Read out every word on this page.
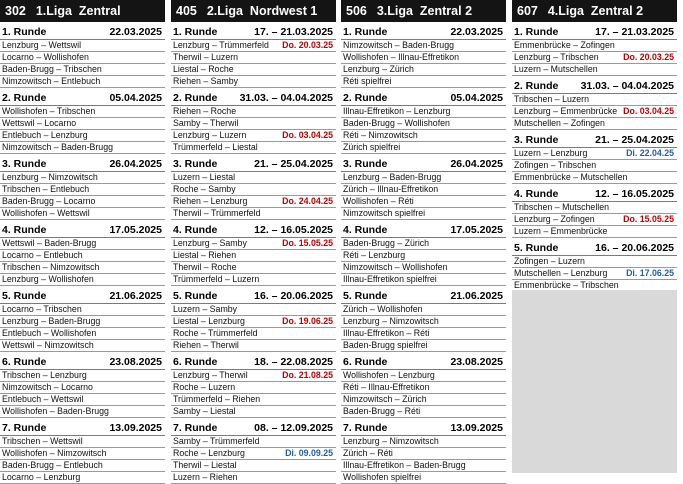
302 1.Liga  Zentral
1. Runde	22.03.2025
Lenzburg – Wettswil
Locarno – Wollishofen
Baden-Brugg – Tribschen
Nimzowitsch – Entlebuch
2. Runde	05.04.2025
Wollishofen – Tribschen
Wettswil – Locarno
Entlebuch – Lenzburg
Nimzowitsch – Baden-Brugg
3. Runde	26.04.2025
Lenzburg – Nimzowitsch
Tribschen – Entlebuch
Baden-Brugg – Locarno
Wollishofen – Wettswil
4. Runde	17.05.2025
Wettswil – Baden-Brugg
Locarno – Entlebuch
Tribschen – Nimzowitsch
Lenzburg – Wollishofen
5. Runde	21.06.2025
Locarno – Tribschen
Lenzburg – Baden-Brugg
Entlebuch – Wollishofen
Wettswil – Nimzowitsch
6. Runde	23.08.2025
Tribschen – Lenzburg
Nimzowitsch – Locarno
Entlebuch – Wettswil
Wollishofen – Baden-Brugg
7. Runde	13.09.2025
Tribschen – Wettswil
Wollishofen – Nimzowitsch
Baden-Brugg – Entlebuch
Locarno – Lenzburg
405 2.Liga  Nordwest 1
1. Runde	17. – 21.03.2025
Lenzburg – Trümmerfeld Do. 20.03.25
Therwil – Luzern
Liestal – Roche
Riehen – Samby
2. Runde 31.03. – 04.04.2025
Riehen – Roche
Samby – Therwil
Lenzburg – Luzern	Do. 03.04.25
Trümmerfeld – Liestal
3. Runde	21. – 25.04.2025
Luzern – Liestal
Roche – Samby
Riehen – Lenzburg	Do. 24.04.25
Therwil – Trümmerfeld
4. Runde	12. – 16.05.2025
Lenzburg – Samby	Do. 15.05.25
Liestal – Riehen
Therwil – Roche
Trümmerfeld – Luzern
5. Runde	16. – 20.06.2025
Luzern – Samby
Liestal – Lenzburg	Do. 19.06.25
Roche – Trümmerfeld
Riehen – Therwil
6. Runde	18. – 22.08.2025
Lenzburg – Therwil	Do. 21.08.25
Roche – Luzern
Trümmerfeld – Riehen
Samby – Liestal
7. Runde	08. – 12.09.2025
Samby – Trümmerfeld
Roche – Lenzburg	Di. 09.09.25
Therwil – Liestal
Luzern – Riehen
506 3.Liga  Zentral 2
1. Runde	22.03.2025
Nimzowitsch – Baden-Brugg
Wollishofen – Illnau-Effretikon
Lenzburg – Zürich
Réti spielfrei
2. Runde	05.04.2025
Illnau-Effretikon – Lenzburg
Baden-Brugg – Wollishofen
Réti – Nimzowitsch
Zürich spielfrei
3. Runde	26.04.2025
Lenzburg – Baden-Brugg
Zürich – Illnau-Effretikon
Wollishofen – Réti
Nimzowitsch spielfrei
4. Runde	17.05.2025
Baden-Brugg – Zürich
Réti – Lenzburg
Nimzowitsch – Wollishofen
Illnau-Effretikon spielfrei
5. Runde	21.06.2025
Zürich – Wollishofen
Lenzburg – Nimzowitsch
Illnau-Effretikon – Réti
Baden-Brugg spielfrei
6. Runde	23.08.2025
Wollishofen – Lenzburg
Réti – Illnau-Effretikon
Nimzowitsch – Zürich
Baden-Brugg – Réti
7. Runde	13.09.2025
Lenzburg – Nimzowitsch
Zürich – Réti
Illnau-Effretikon – Baden-Brugg
Wollishofen spielfrei
607 4.Liga  Zentral 2
1. Runde	17. – 21.03.2025
Emmenbrücke – Zofingen
Lenzburg – Tribschen	Do. 20.03.25
Luzern – Mutschellen
2. Runde 31.03. – 04.04.2025
Tribschen – Luzern
Lenzburg – Emmenbrücke Do. 03.04.25
Mutschellen – Zofingen
3. Runde	21. – 25.04.2025
Luzern – Lenzburg	Di. 22.04.25
Zofingen – Tribschen
Emmenbrücke – Mutschellen
4. Runde	12. – 16.05.2025
Tribschen – Mutschellen
Lenzburg – Zofingen	Do. 15.05.25
Luzern – Emmenbrücke
5. Runde	16. – 20.06.2025
Zofingen – Luzern
Mutschellen – Lenzburg Di. 17.06.25
Emmenbrücke – Tribschen
